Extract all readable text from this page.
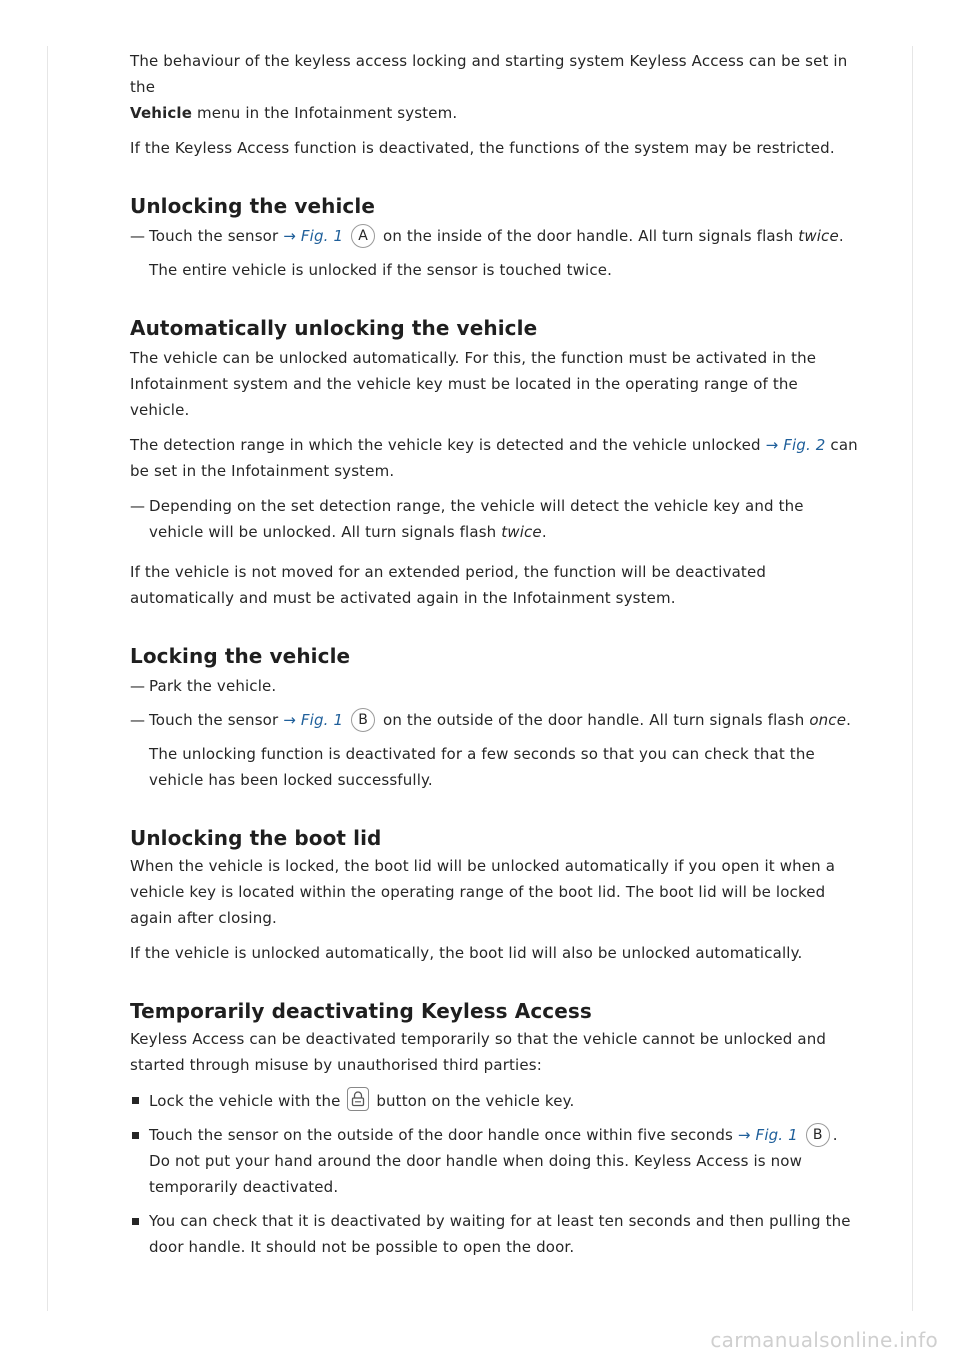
The behaviour of the keyless access locking and starting system Keyless Access can be set in the
Vehicle menu in the Infotainment system.

If the Keyless Access function is deactivated, the functions of the system may be restricted.

Unlocking the vehicle

— Touch the sensor → Fig. 1 A on the inside of the door handle. All turn signals flash twice.

The entire vehicle is unlocked if the sensor is touched twice.

Automatically unlocking the vehicle

The vehicle can be unlocked automatically. For this, the function must be activated in the Infotainment system and the vehicle key must be located in the operating range of the vehicle.

The detection range in which the vehicle key is detected and the vehicle unlocked → Fig. 2 can be set in the Infotainment system.

— Depending on the set detection range, the vehicle will detect the vehicle key and the vehicle will be unlocked. All turn signals flash twice.

If the vehicle is not moved for an extended period, the function will be deactivated automatically and must be activated again in the Infotainment system.

Locking the vehicle

— Park the vehicle.

— Touch the sensor → Fig. 1 B on the outside of the door handle. All turn signals flash once.

The unlocking function is deactivated for a few seconds so that you can check that the vehicle has been locked successfully.

Unlocking the boot lid

When the vehicle is locked, the boot lid will be unlocked automatically if you open it when a vehicle key is located within the operating range of the boot lid. The boot lid will be locked again after closing.

If the vehicle is unlocked automatically, the boot lid will also be unlocked automatically.

Temporarily deactivating Keyless Access

Keyless Access can be deactivated temporarily so that the vehicle cannot be unlocked and started through misuse by unauthorised third parties:

Lock the vehicle with the
button on the vehicle key.

Touch the sensor on the outside of the door handle once within five seconds → Fig. 1 B . Do not put your hand around the door handle when doing this. Keyless Access is now temporarily deactivated.

You can check that it is deactivated by waiting for at least ten seconds and then pulling the door handle. It should not be possible to open the door.

carmanualsonline.info
